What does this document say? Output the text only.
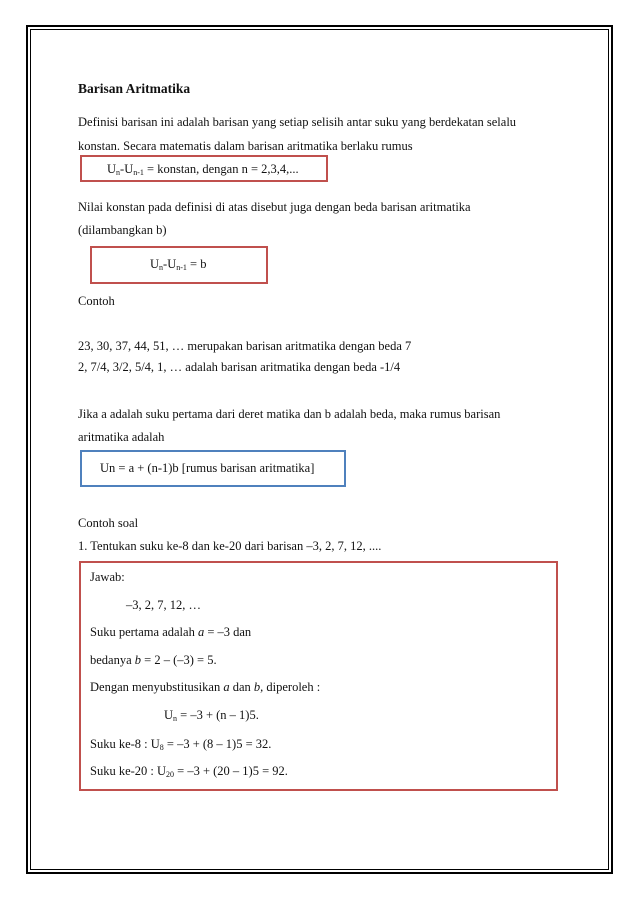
Barisan Aritmatika
Definisi barisan ini adalah barisan yang setiap selisih antar suku yang berdekatan selalu
konstan. Secara matematis dalam barisan aritmatika berlaku rumus
$U_n-U_{n-1}$ = konstan, dengan n = 2,3,4,...
Nilai konstan pada definisi di atas disebut juga dengan beda barisan aritmatika
(dilambangkan b)
$U_n-U_{n-1} = b$
Contoh
23, 30, 37, 44, 51, … merupakan barisan aritmatika dengan beda 7
2, 7/4, 3/2, 5/4, 1, … adalah barisan aritmatika dengan beda -1/4
Jika a adalah suku pertama dari deret matika dan b adalah beda, maka rumus barisan
aritmatika adalah
Un = a + (n-1)b [rumus barisan aritmatika]
Contoh soal
1. Tentukan suku ke-8 dan ke-20 dari barisan –3, 2, 7, 12, ....
Jawab:
–3, 2, 7, 12, …
Suku pertama adalah a = –3 dan
bedanya b = 2 – (–3) = 5.
Dengan menyubstitusikan a dan b, diperoleh :
$U_n = -3 + (n - 1)5$.
Suku ke-8 : $U_8 = -3 + (8 - 1)5 = 32$.
Suku ke-20 : $U_{20} = -3 + (20 - 1)5 = 92$.
